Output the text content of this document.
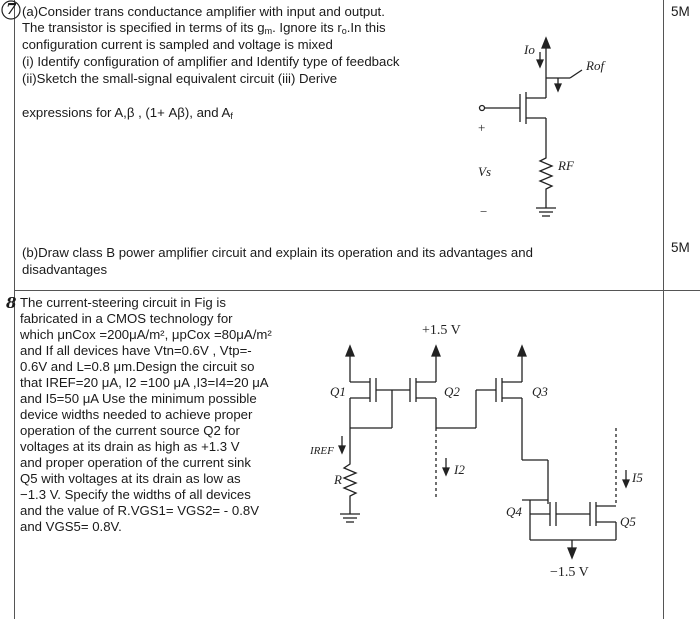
7 (a)Consider trans conductance amplifier with input and output.
The transistor is specified in terms of its $g_m$. Ignore its $r_o.In$ this
configuration current is sampled and voltage is mixed
(i) Identify configuration of amplifier and Identify type of feedback
(ii)Sketch the small-signal equivalent circuit (iii) Derive
expressions for A,β , (1+ Aβ), and $A_f$
5M
Io
Rof
+
Vs
−
RF
(b)Draw class B power amplifier circuit and explain its operation and its advantages and
disadvantages
5M
8 The current-steering circuit in Fig is
fabricated in a CMOS technology for
which μnCox =200μA/m², μpCox =80μA/m²
and If all devices have Vtn=0.6V , Vtp=-
0.6V and L=0.8 μm.Design the circuit so
that IREF=20 μA, I2 =100 μA ,I3=I4=20 μA
and I5=50 μA Use the minimum possible
device widths needed to achieve proper
operation of the current source Q2 for
voltages at its drain as high as +1.3 V
and proper operation of the current sink
Q5 with voltages at its drain as low as
−1.3 V. Specify the widths of all devices
and the value of R.VGS1= VGS2= - 0.8V
and VGS5= 0.8V.
+1.5 V
Q1	Q2	Q3
IREF
R
I2
I5
Q4
Q5
−1.5 V
